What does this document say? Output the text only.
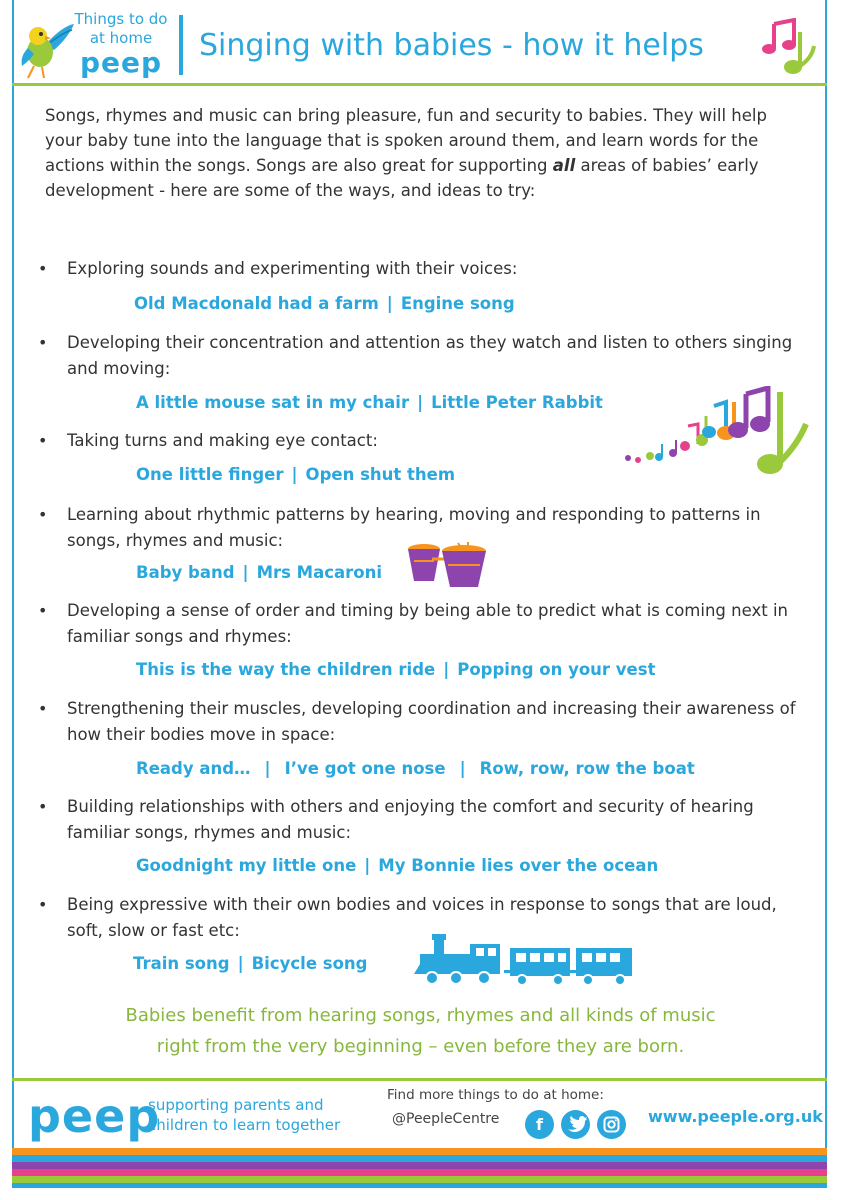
Things to do
at home
peep Singing with babies - how it helps
Songs, rhymes and music can bring pleasure, fun and security to babies. They will help your baby tune into the language that is spoken around them, and learn words for the actions within the songs. Songs are also great for supporting all areas of babies’ early development - here are some of the ways, and ideas to try:
• Exploring sounds and experimenting with their voices:
Old Macdonald had a farm | Engine song
• Developing their concentration and attention as they watch and listen to others singing and moving:
A little mouse sat in my chair | Little Peter Rabbit
• Taking turns and making eye contact:
One little finger | Open shut them
• Learning about rhythmic patterns by hearing, moving and responding to patterns in songs, rhymes and music:
Baby band | Mrs Macaroni
• Developing a sense of order and timing by being able to predict what is coming next in familiar songs and rhymes:
This is the way the children ride | Popping on your vest
• Strengthening their muscles, developing coordination and increasing their awareness of how their bodies move in space:
Ready and… | I’ve got one nose | Row, row, row the boat
• Building relationships with others and enjoying the comfort and security of hearing familiar songs, rhymes and music:
Goodnight my little one | My Bonnie lies over the ocean
• Being expressive with their own bodies and voices in response to songs that are loud, soft, slow or fast etc:
Train song | Bicycle song
Babies benefit from hearing songs, rhymes and all kinds of music
right from the very beginning – even before they are born.
peep
supporting parents and
children to learn together
Find more things to do at home:
@PeepleCentre	f	www.peeple.org.uk
